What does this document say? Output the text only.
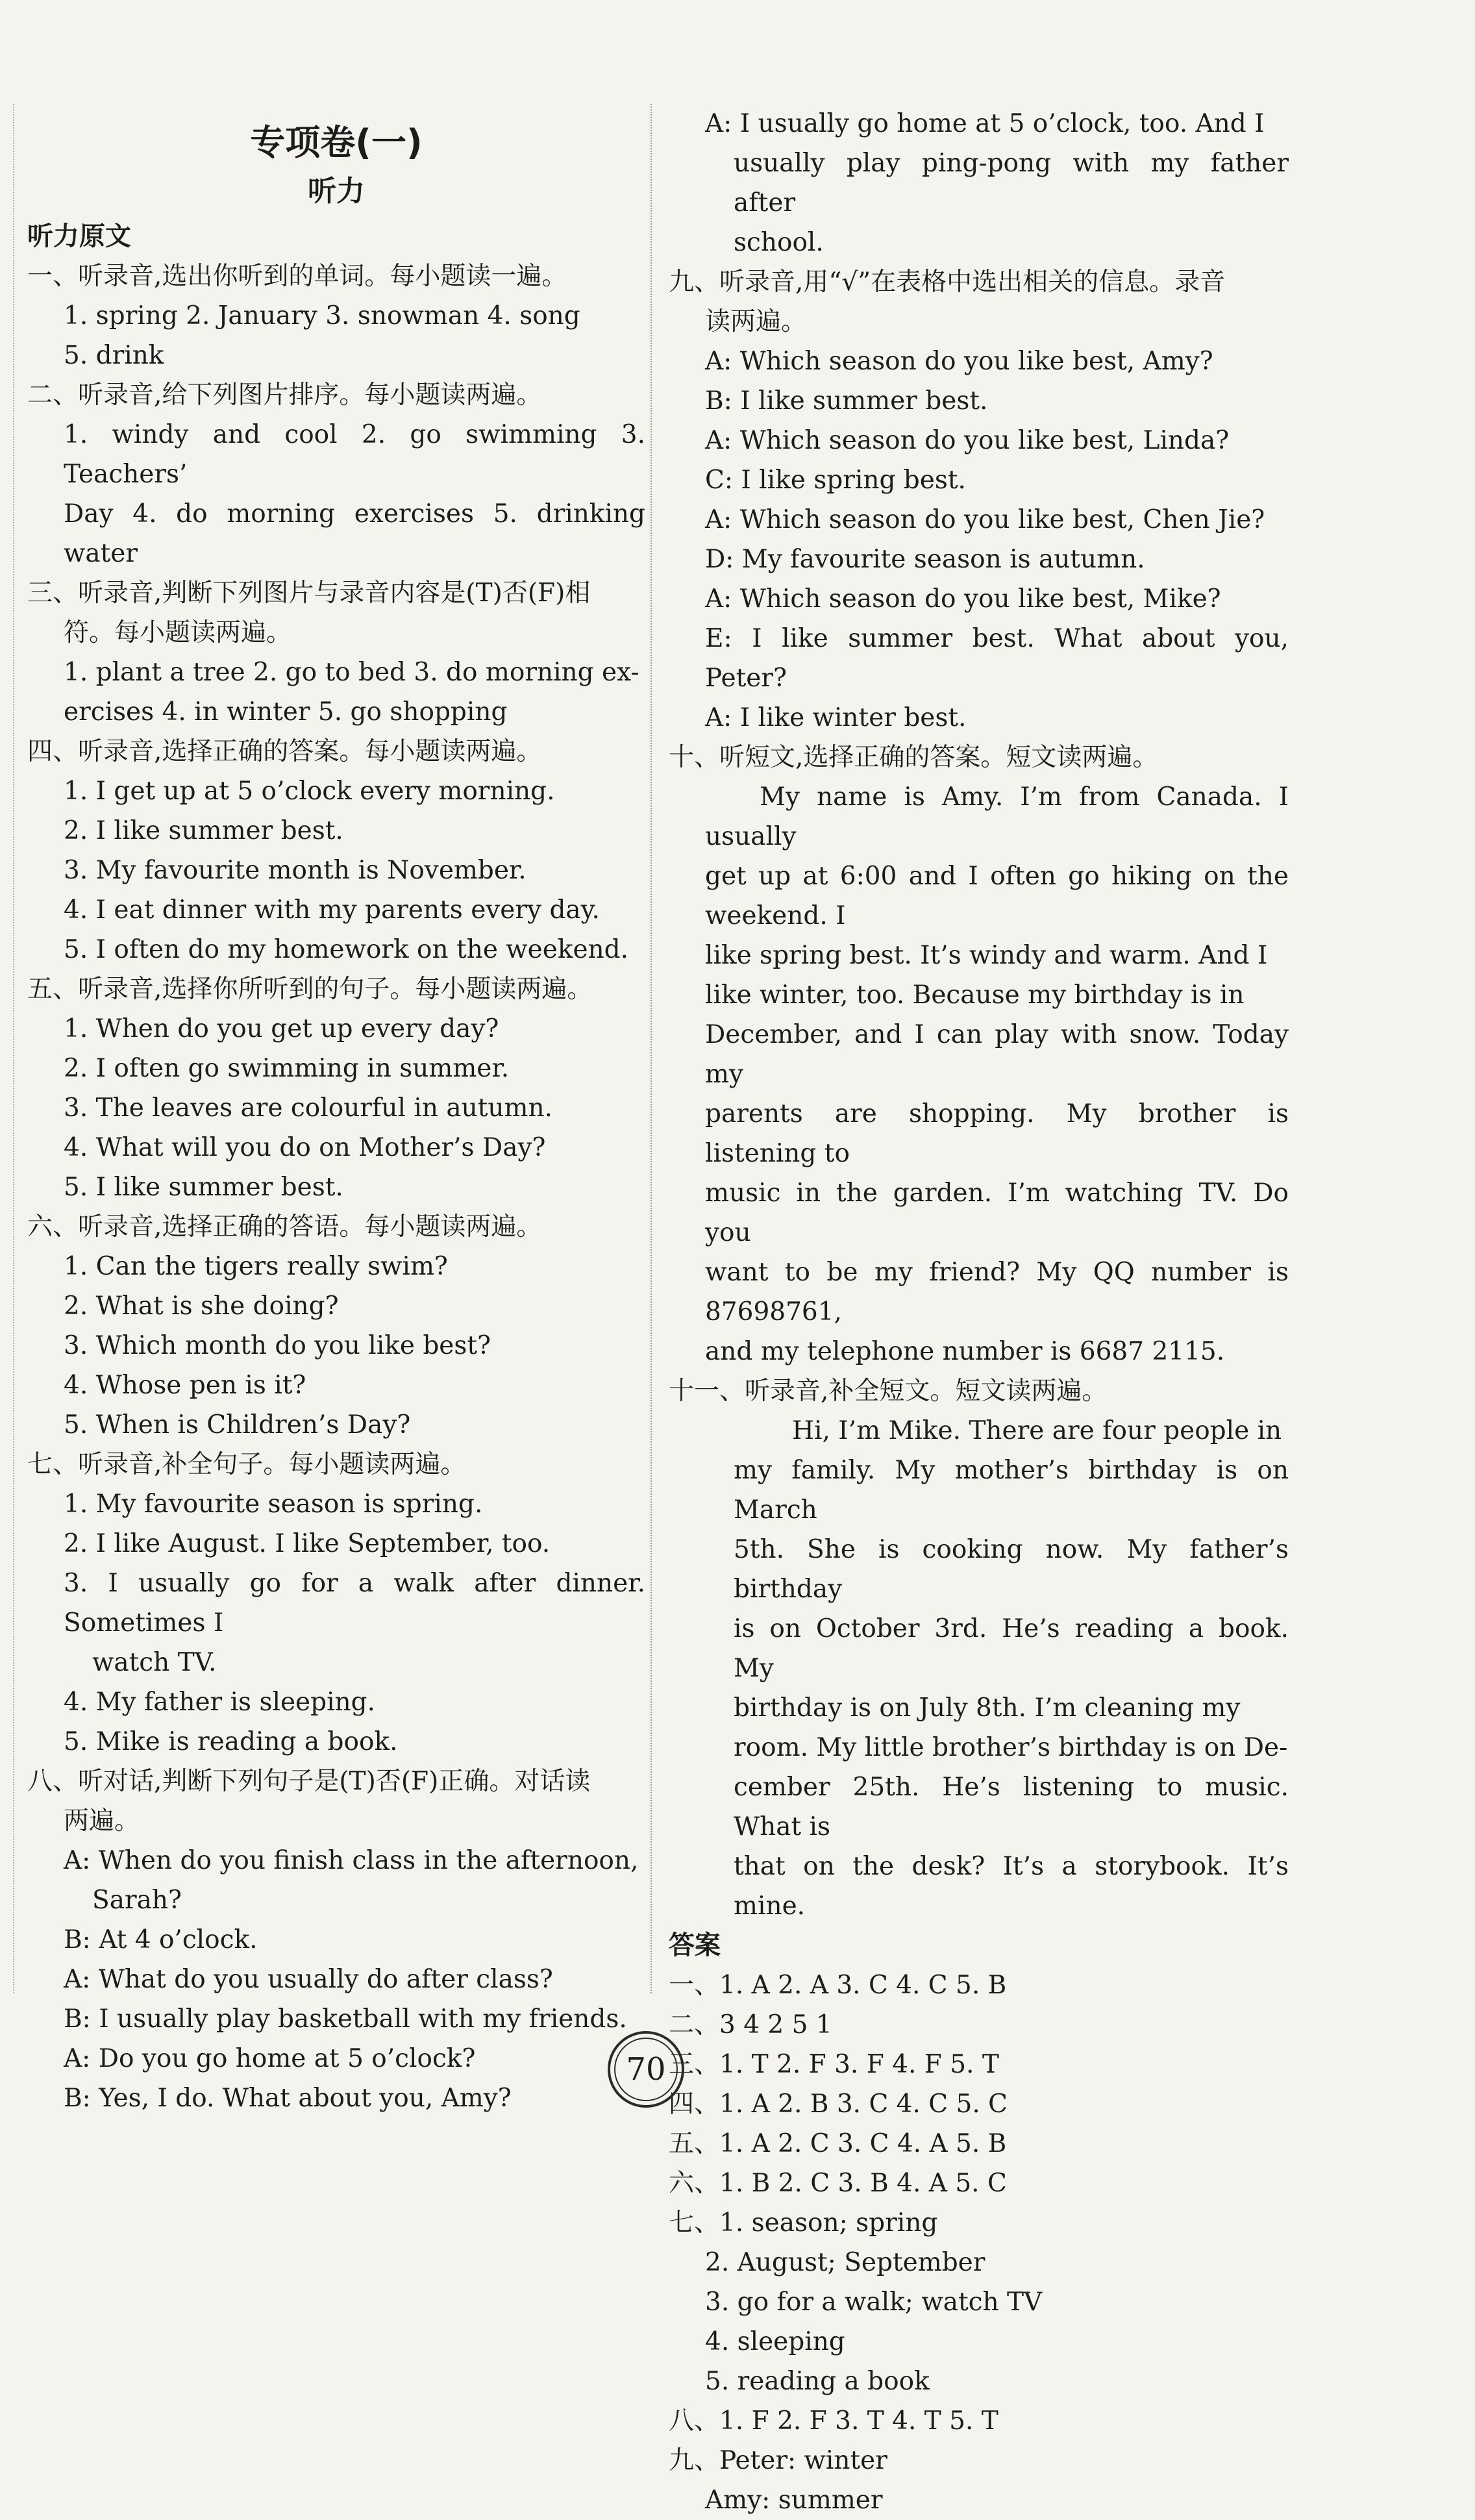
专项卷(一)
听力
听力原文
一、听录音,选出你听到的单词。每小题读一遍。
1. spring 2. January 3. snowman 4. song
5. drink
二、听录音,给下列图片排序。每小题读两遍。
1. windy and cool 2. go swimming 3. Teachers’
Day 4. do morning exercises 5. drinking water
三、听录音,判断下列图片与录音内容是(T)否(F)相
符。每小题读两遍。
1. plant a tree 2. go to bed 3. do morning ex-
ercises 4. in winter 5. go shopping
四、听录音,选择正确的答案。每小题读两遍。
1. I get up at 5 o’clock every morning.
2. I like summer best.
3. My favourite month is November.
4. I eat dinner with my parents every day.
5. I often do my homework on the weekend.
五、听录音,选择你所听到的句子。每小题读两遍。
1. When do you get up every day?
2. I often go swimming in summer.
3. The leaves are colourful in autumn.
4. What will you do on Mother’s Day?
5. I like summer best.
六、听录音,选择正确的答语。每小题读两遍。
1. Can the tigers really swim?
2. What is she doing?
3. Which month do you like best?
4. Whose pen is it?
5. When is Children’s Day?
七、听录音,补全句子。每小题读两遍。
1. My favourite season is spring.
2. I like August. I like September, too.
3. I usually go for a walk after dinner. Sometimes I
watch TV.
4. My father is sleeping.
5. Mike is reading a book.
八、听对话,判断下列句子是(T)否(F)正确。对话读
两遍。
A: When do you finish class in the afternoon,
Sarah?
B: At 4 o’clock.
A: What do you usually do after class?
B: I usually play basketball with my friends.
A: Do you go home at 5 o’clock?
B: Yes, I do. What about you, Amy?
A: I usually go home at 5 o’clock, too. And I
usually play ping-pong with my father after
school.
九、听录音,用“√”在表格中选出相关的信息。录音
读两遍。
A: Which season do you like best, Amy?
B: I like summer best.
A: Which season do you like best, Linda?
C: I like spring best.
A: Which season do you like best, Chen Jie?
D: My favourite season is autumn.
A: Which season do you like best, Mike?
E: I like summer best. What about you, Peter?
A: I like winter best.
十、听短文,选择正确的答案。短文读两遍。
My name is Amy. I’m from Canada. I usually
get up at 6:00 and I often go hiking on the weekend. I
like spring best. It’s windy and warm. And I
like winter, too. Because my birthday is in
December, and I can play with snow. Today my
parents are shopping. My brother is listening to
music in the garden. I’m watching TV. Do you
want to be my friend? My QQ number is 87698761,
and my telephone number is 6687 2115.
十一、听录音,补全短文。短文读两遍。
Hi, I’m Mike. There are four people in
my family. My mother’s birthday is on March
5th. She is cooking now. My father’s birthday
is on October 3rd. He’s reading a book. My
birthday is on July 8th. I’m cleaning my
room. My little brother’s birthday is on De-
cember 25th. He’s listening to music. What is
that on the desk? It’s a storybook. It’s mine.
答案
一、1. A 2. A 3. C 4. C 5. B
二、3 4 2 5 1
三、1. T 2. F 3. F 4. F 5. T
四、1. A 2. B 3. C 4. C 5. C
五、1. A 2. C 3. C 4. A 5. B
六、1. B 2. C 3. B 4. A 5. C
七、1. season; spring
2. August; September
3. go for a walk; watch TV
4. sleeping
5. reading a book
八、1. F 2. F 3. T 4. T 5. T
九、Peter: winter
Amy: summer
70
